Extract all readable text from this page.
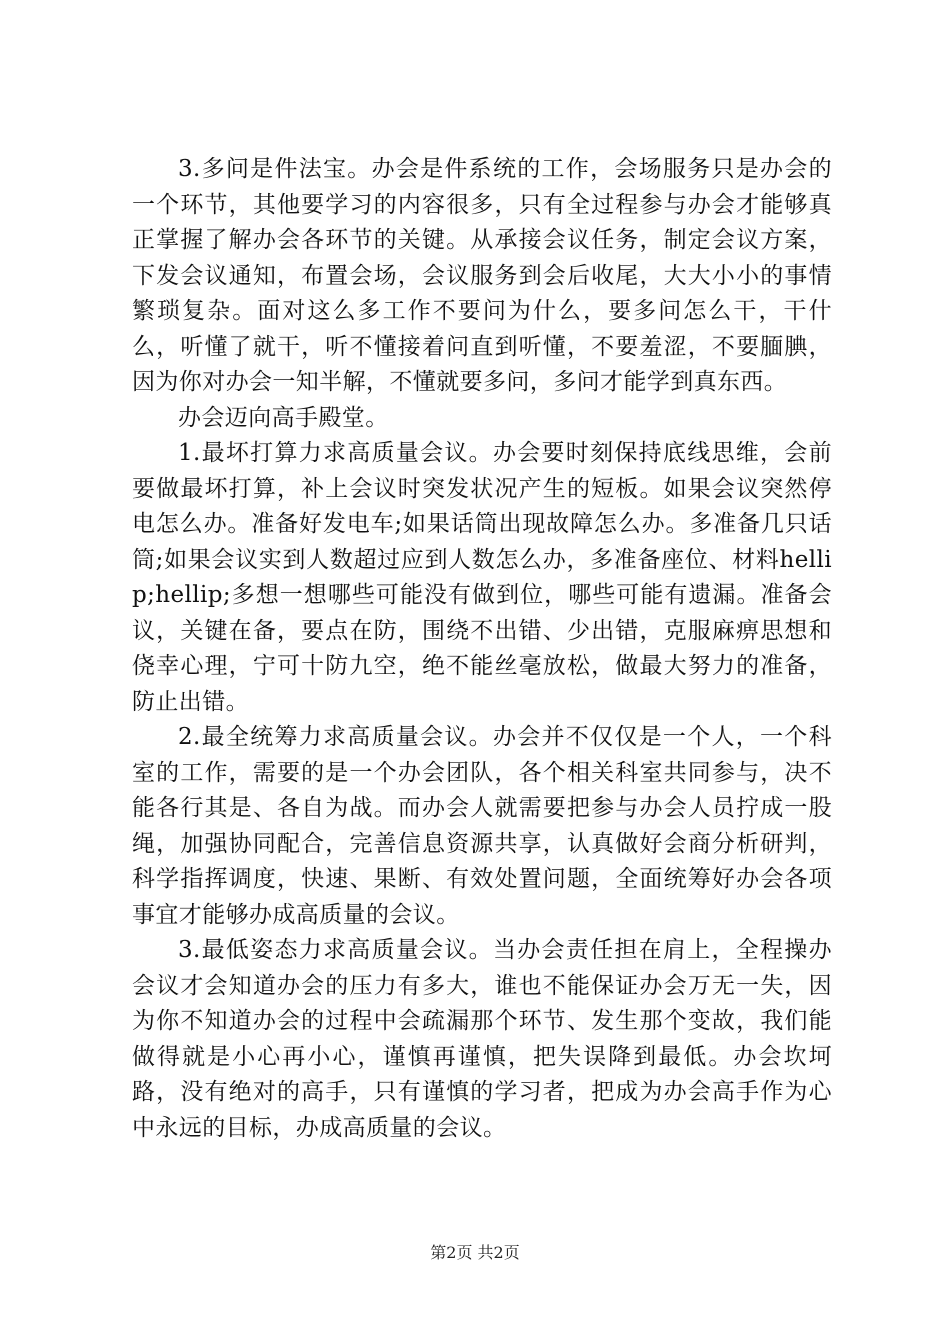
3.多问是件法宝。办会是件系统的工作，会场服务只是办会的一个环节，其他要学习的内容很多，只有全过程参与办会才能够真正掌握了解办会各环节的关键。从承接会议任务，制定会议方案，下发会议通知，布置会场，会议服务到会后收尾，大大小小的事情繁琐复杂。面对这么多工作不要问为什么，要多问怎么干，干什么，听懂了就干，听不懂接着问直到听懂，不要羞涩，不要腼腆，因为你对办会一知半解，不懂就要多问，多问才能学到真东西。

办会迈向高手殿堂。

1.最坏打算力求高质量会议。办会要时刻保持底线思维，会前要做最坏打算，补上会议时突发状况产生的短板。如果会议突然停电怎么办。准备好发电车;如果话筒出现故障怎么办。多准备几只话筒;如果会议实到人数超过应到人数怎么办，多准备座位、材料hellip;hellip;多想一想哪些可能没有做到位，哪些可能有遗漏。准备会议，关键在备，要点在防，围绕不出错、少出错，克服麻痹思想和侥幸心理，宁可十防九空，绝不能丝毫放松，做最大努力的准备，防止出错。

2.最全统筹力求高质量会议。办会并不仅仅是一个人，一个科室的工作，需要的是一个办会团队，各个相关科室共同参与，决不能各行其是、各自为战。而办会人就需要把参与办会人员拧成一股绳，加强协同配合，完善信息资源共享，认真做好会商分析研判，科学指挥调度，快速、果断、有效处置问题，全面统筹好办会各项事宜才能够办成高质量的会议。

3.最低姿态力求高质量会议。当办会责任担在肩上，全程操办会议才会知道办会的压力有多大，谁也不能保证办会万无一失，因为你不知道办会的过程中会疏漏那个环节、发生那个变故，我们能做得就是小心再小心，谨慎再谨慎，把失误降到最低。办会坎坷路，没有绝对的高手，只有谨慎的学习者，把成为办会高手作为心中永远的目标，办成高质量的会议。

第2页 共2页
